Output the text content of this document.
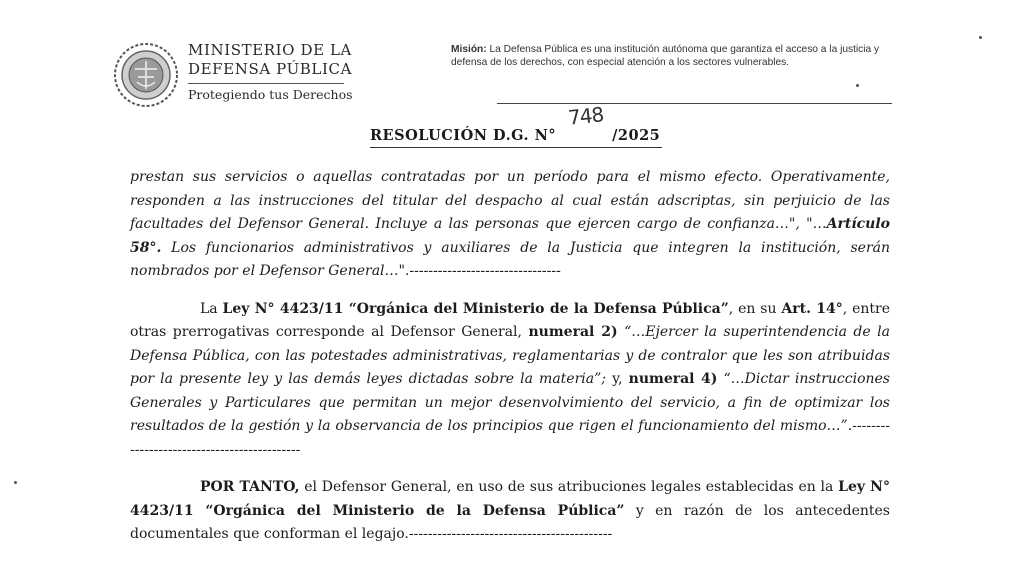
MINISTERIO DE LA
DEFENSA PÚBLICA
Protegiendo tus Derechos
Misión: La Defensa Pública es una institución autónoma que garantiza el acceso a la justicia y defensa de los derechos, con especial atención a los sectores vulnerables.
RESOLUCIÓN D.G. N°	/2025
748

prestan sus servicios o aquellas contratadas por un período para el mismo efecto. Operativamente, responden a las instrucciones del titular del despacho al cual están adscriptas, sin perjuicio de las facultades del Defensor General. Incluye a las personas que ejercen cargo de confianza…", "…Artículo 58°. Los funcionarios administrativos y auxiliares de la Justicia que integren la institución, serán nombrados por el Defensor General…".--------------------------------

La Ley N° 4423/11 “Orgánica del Ministerio de la Defensa Pública”, en su Art. 14°, entre otras prerrogativas corresponde al Defensor General, numeral 2) “…Ejercer la superintendencia de la Defensa Pública, con las potestades administrativas, reglamentarias y de contralor que les son atribuidas por la presente ley y las demás leyes dictadas sobre la materia”; y, numeral 4) “…Dictar instrucciones Generales y Particulares que permitan un mejor desenvolvimiento del servicio, a fin de optimizar los resultados de la gestión y la observancia de los principios que rigen el funcionamiento del mismo…”.--------------------------------------------

POR TANTO, el Defensor General, en uso de sus atribuciones legales establecidas en la Ley N° 4423/11 “Orgánica del Ministerio de la Defensa Pública” y en razón de los antecedentes documentales que conforman el legajo.-------------------------------------------
